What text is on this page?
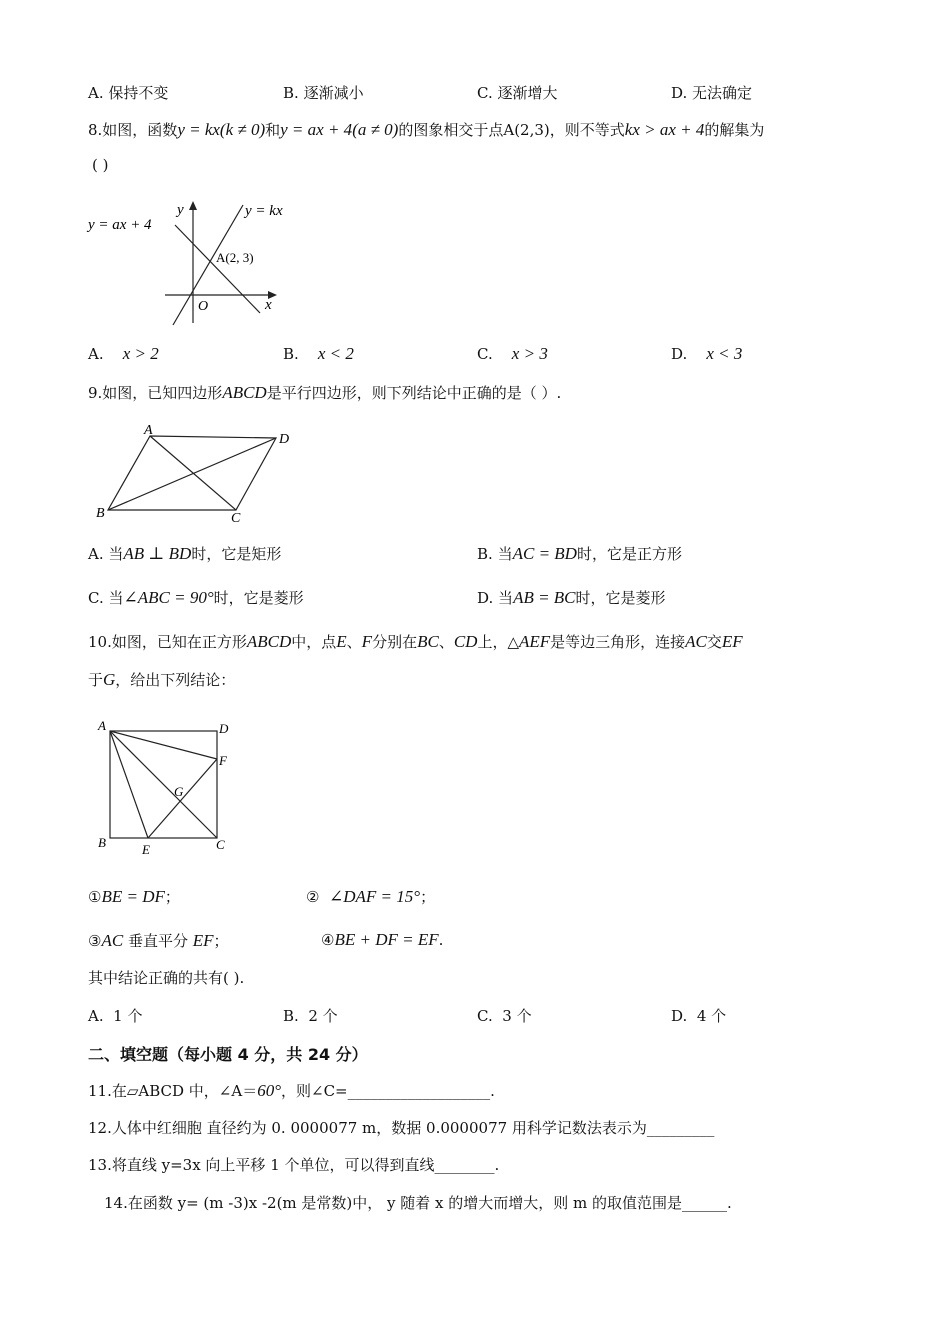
A. 保持不变	B. 逐渐减小	C. 逐渐增大	D. 无法确定
8.如图，函数y = kx(k ≠ 0)和y = ax + 4(a ≠ 0)的图象相交于点A(2,3)，则不等式kx > ax + 4的解集为
( )
y = ax + 4
y = kx
y
x
O
A(2, 3)
A. x > 2	B. x < 2	C. x > 3	D. x < 3
9.如图，已知四边形ABCD是平行四边形，则下列结论中正确的是（ ）.
A
D
B	C
A. 当AB ⊥ BD时，它是矩形	B. 当AC = BD时，它是正方形
C. 当∠ABC = 90°时，它是菱形	D. 当AB = BC时，它是菱形
10.如图，已知在正方形ABCD中，点E、F分别在BC、CD上，△AEF是等边三角形，连接AC交EF
于G，给出下列结论：
A	D
F
G
B	E	C
①BE = DF；	② ∠DAF = 15°；
③AC 垂直平分 EF；	④BE + DF = EF.
其中结论正确的共有( ).
A. 1 个	B. 2 个	C. 3 个	D. 4 个
二、填空题（每小题 4 分，共 24 分）
11.在▱ABCD 中，∠A＝60°，则∠C=___________________.
12.人体中红细胞 直径约为 0. 0000077 m，数据 0.0000077 用科学记数法表示为_________
13.将直线 y=3x 向上平移 1 个单位，可以得到直线________.
14.在函数 y= (m -3)x -2(m 是常数)中， y 随着 x 的增大而增大，则 m 的取值范围是______.
